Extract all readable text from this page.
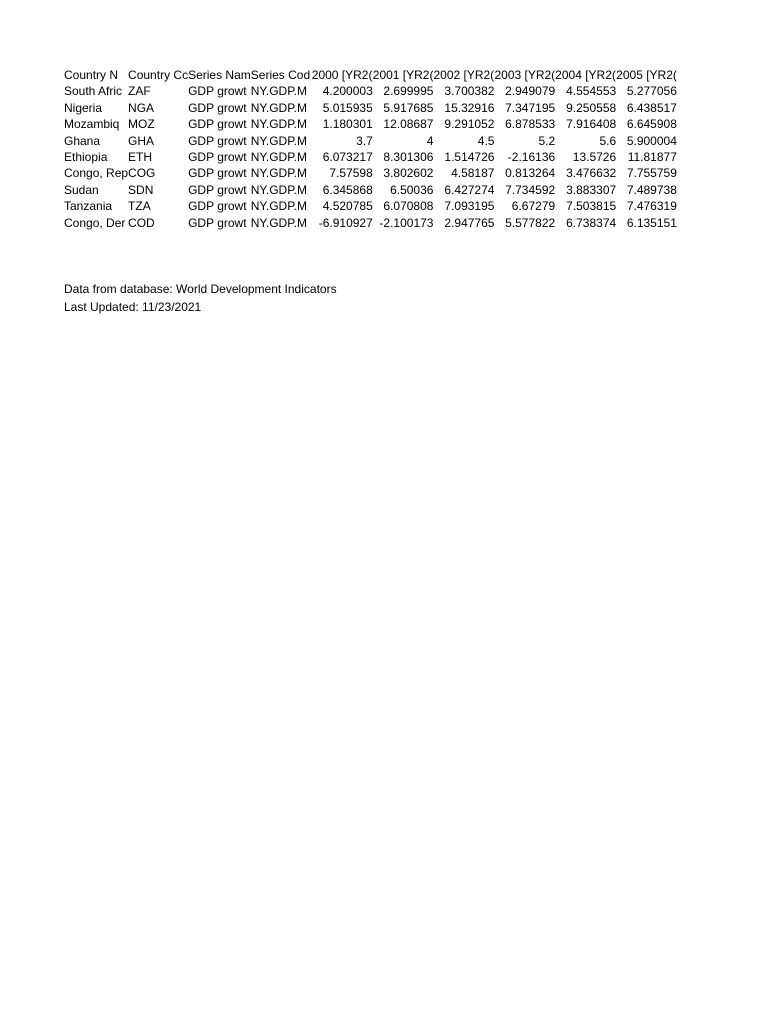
Country N	Country Cc	Series Nam	Series Cod	2000 [YR2(	2001 [YR2(	2002 [YR2(	2003 [YR2(	2004 [YR2(	2005 [YR2(
South Afric	ZAF	GDP growt	NY.GDP.M	4.200003	2.699995	3.700382	2.949079	4.554553	5.277056
Nigeria	NGA	GDP growt	NY.GDP.M	5.015935	5.917685	15.32916	7.347195	9.250558	6.438517
Mozambiq	MOZ	GDP growt	NY.GDP.M	1.180301	12.08687	9.291052	6.878533	7.916408	6.645908
Ghana	GHA	GDP growt	NY.GDP.M	3.7	4	4.5	5.2	5.6	5.900004
Ethiopia	ETH	GDP growt	NY.GDP.M	6.073217	8.301306	1.514726	-2.16136	13.5726	11.81877
Congo, Rep	COG	GDP growt	NY.GDP.M	7.57598	3.802602	4.58187	0.813264	3.476632	7.755759
Sudan	SDN	GDP growt	NY.GDP.M	6.345868	6.50036	6.427274	7.734592	3.883307	7.489738
Tanzania	TZA	GDP growt	NY.GDP.M	4.520785	6.070808	7.093195	6.67279	7.503815	7.476319
Congo, Der	COD	GDP growt	NY.GDP.M	-6.910927	-2.100173	2.947765	5.577822	6.738374	6.135151
Data from database: World Development Indicators
Last Updated: 11/23/2021
